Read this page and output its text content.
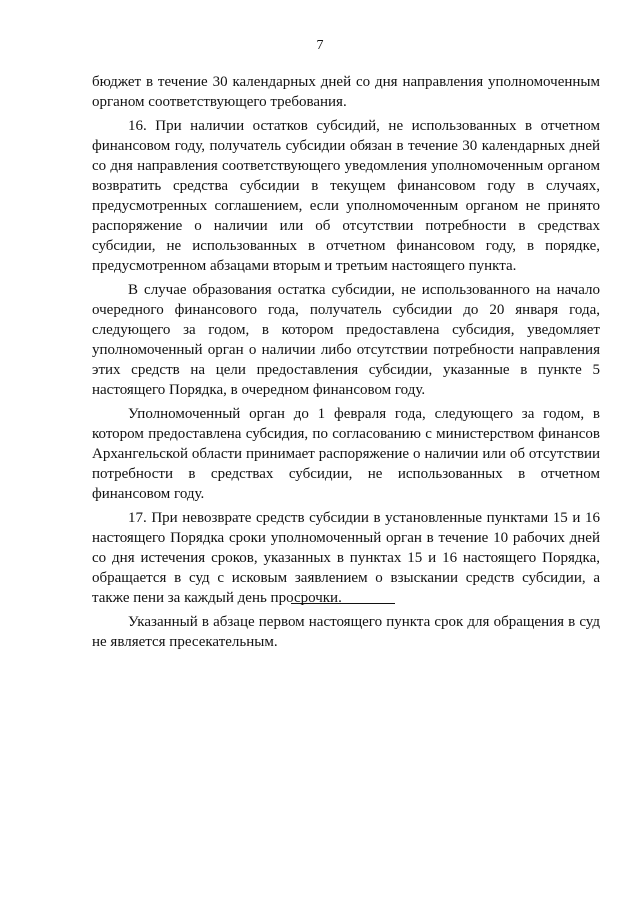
7

бюджет в течение 30 календарных дней со дня направления уполномоченным органом соответствующего требования.

16. При наличии остатков субсидий, не использованных в отчетном финансовом году, получатель субсидии обязан в течение 30 календарных дней со дня направления соответствующего уведомления уполномоченным органом возвратить средства субсидии в текущем финансовом году в случаях, предусмотренных соглашением, если уполномоченным органом не принято распоряжение о наличии или об отсутствии потребности в средствах субсидии, не использованных в отчетном финансовом году, в порядке, предусмотренном абзацами вторым и третьим настоящего пункта.

В случае образования остатка субсидии, не использованного на начало очередного финансового года, получатель субсидии до 20 января года, следующего за годом, в котором предоставлена субсидия, уведомляет уполномоченный орган о наличии либо отсутствии потребности направления этих средств на цели предоставления субсидии, указанные в пункте 5 настоящего Порядка, в очередном финансовом году.

Уполномоченный орган до 1 февраля года, следующего за годом, в котором предоставлена субсидия, по согласованию с министерством финансов Архангельской области принимает распоряжение о наличии или об отсутствии потребности в средствах субсидии, не использованных в отчетном финансовом году.

17. При невозврате средств субсидии в установленные пунктами 15 и 16 настоящего Порядка сроки уполномоченный орган в течение 10 рабочих дней со дня истечения сроков, указанных в пунктах 15 и 16 настоящего Порядка, обращается в суд с исковым заявлением о взыскании средств субсидии, а также пени за каждый день просрочки.

Указанный в абзаце первом настоящего пункта срок для обращения в суд не является пресекательным.
